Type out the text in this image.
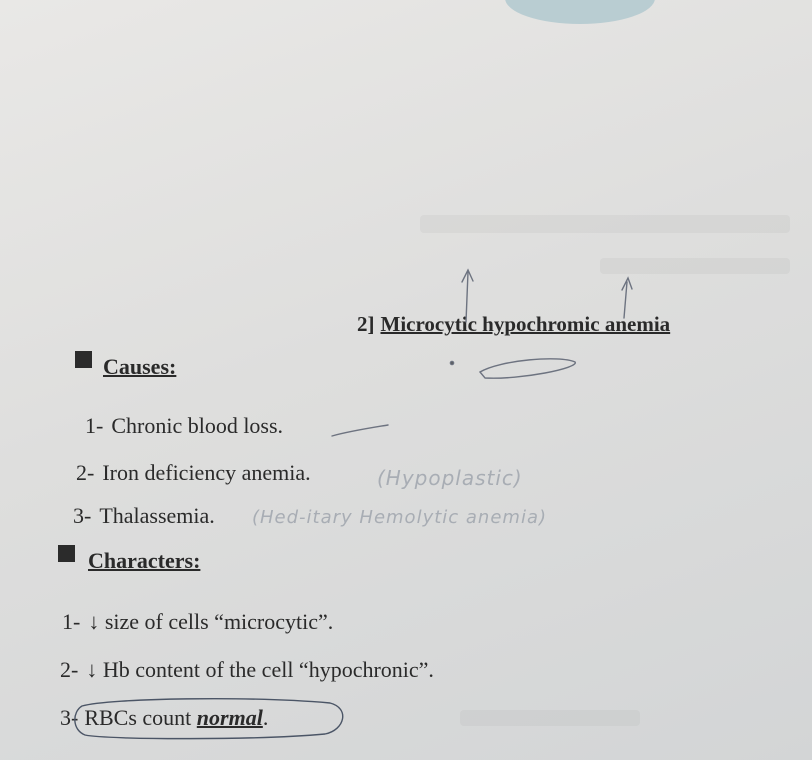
2] Microcytic hypochromic anemia
Causes:
1- Chronic blood loss.
2- Iron deficiency anemia.	(Hypoplastic)
3- Thalassemia. (Hed-itary Hemolytic anemia)
Characters:
1- ↓ size of cells “microcytic”.
2- ↓ Hb content of the cell “hypochronic”.
3- RBCs count normal.
